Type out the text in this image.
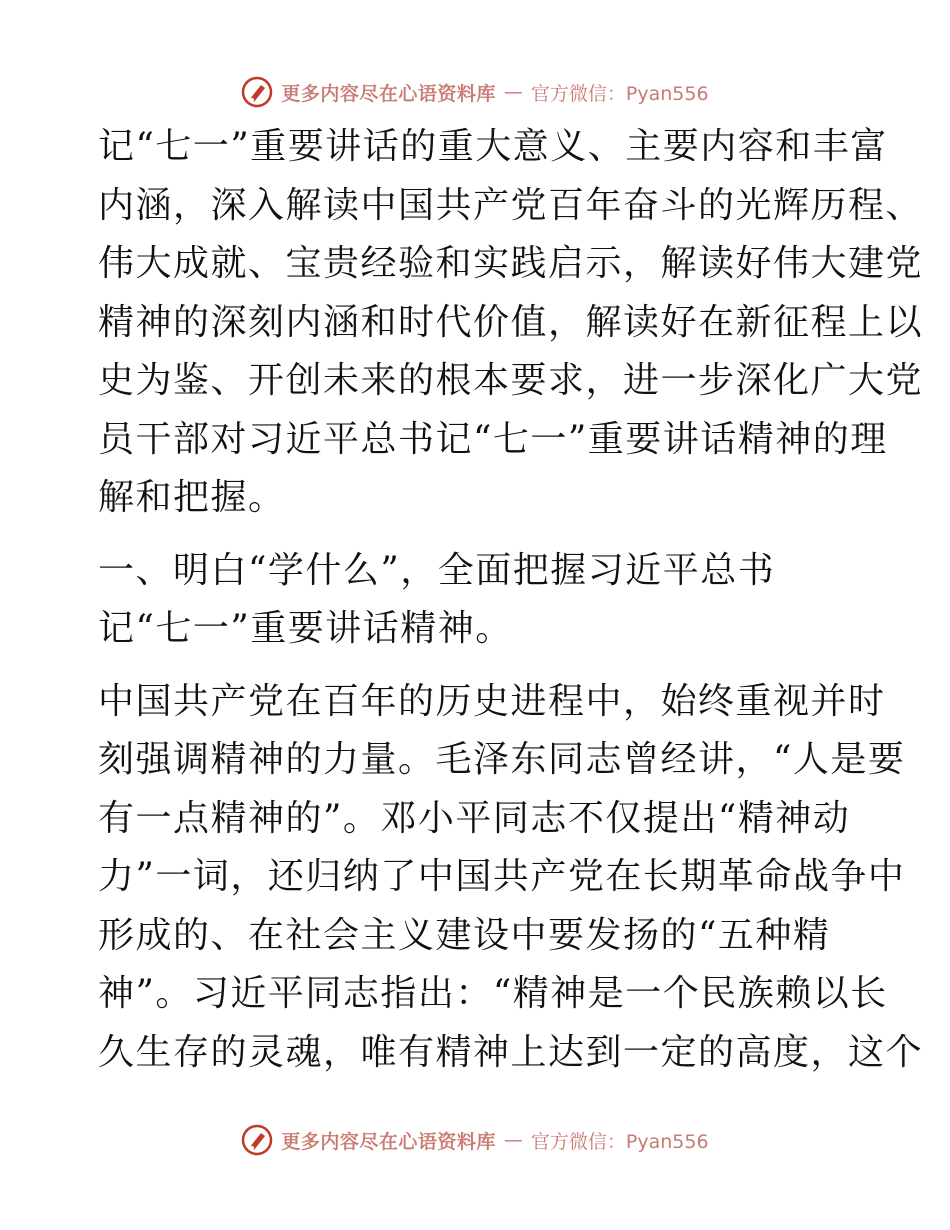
更多内容尽在心语资料库 — 官方微信：Pyan556
记“七一”重要讲话的重大意义、主要内容和丰富
内涵，深入解读中国共产党百年奋斗的光辉历程、
伟大成就、宝贵经验和实践启示，解读好伟大建党
精神的深刻内涵和时代价值，解读好在新征程上以
史为鉴、开创未来的根本要求，进一步深化广大党
员干部对习近平总书记“七一”重要讲话精神的理
解和把握。
一、明白“学什么”，全面把握习近平总书
记“七一”重要讲话精神。
中国共产党在百年的历史进程中，始终重视并时
刻强调精神的力量。毛泽东同志曾经讲，“人是要
有一点精神的”。邓小平同志不仅提出“精神动
力”一词，还归纳了中国共产党在长期革命战争中
形成的、在社会主义建设中要发扬的“五种精
神”。习近平同志指出：“精神是一个民族赖以长
久生存的灵魂，唯有精神上达到一定的高度，这个
更多内容尽在心语资料库 — 官方微信：Pyan556
